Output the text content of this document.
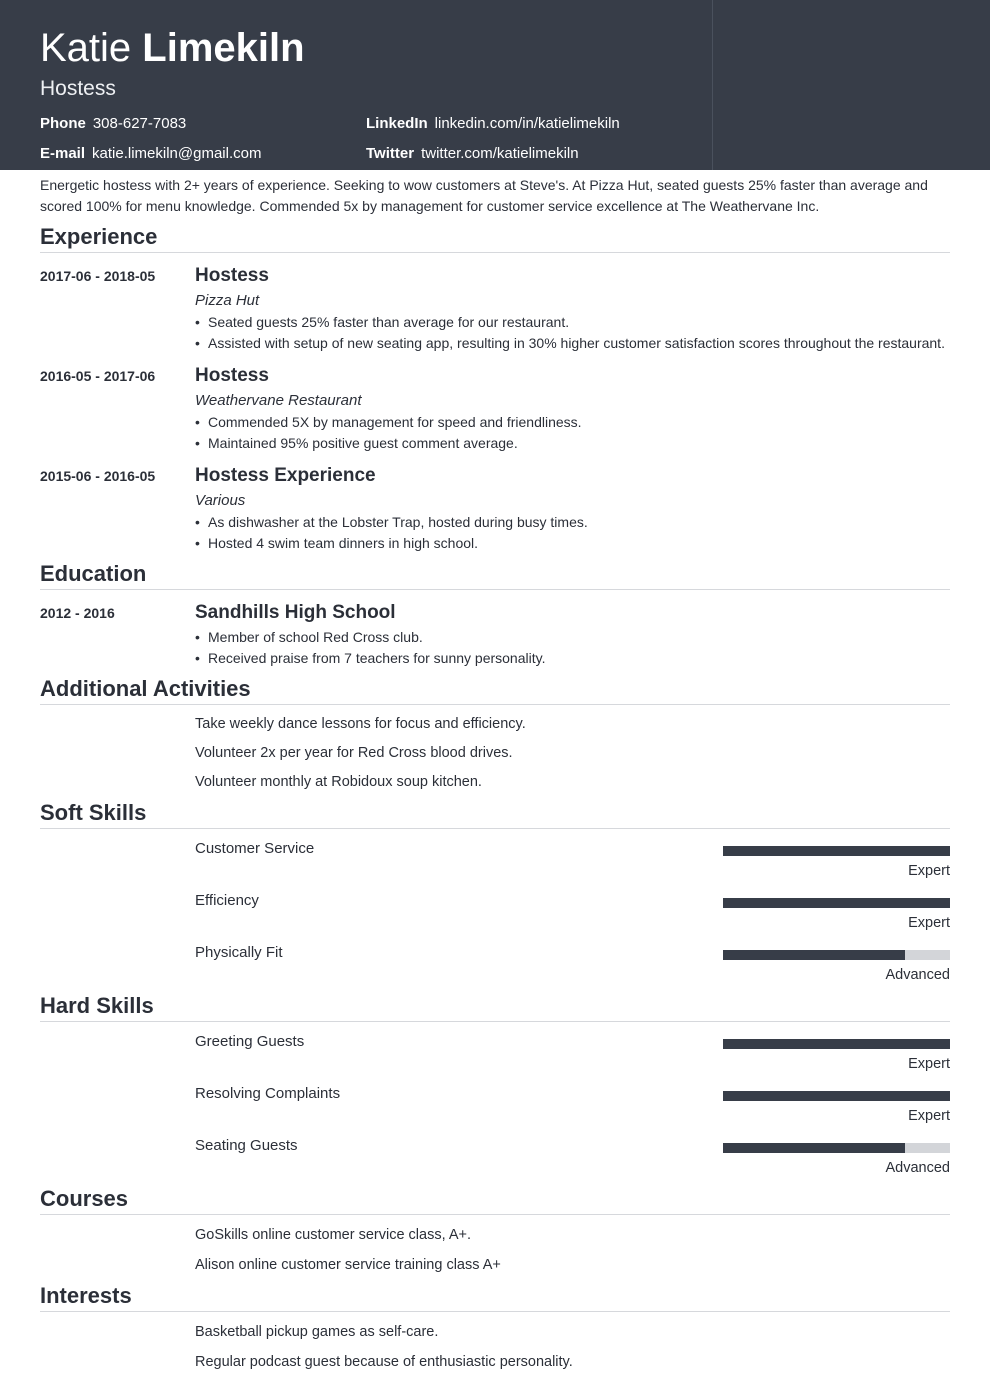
Katie Limekiln
Hostess
Phone 308-627-7083
E-mail katie.limekiln@gmail.com
LinkedIn linkedin.com/in/katielimekiln
Twitter twitter.com/katielimekiln
Energetic hostess with 2+ years of experience. Seeking to wow customers at Steve's. At Pizza Hut, seated guests 25% faster than average and scored 100% for menu knowledge. Commended 5x by management for customer service excellence at The Weathervane Inc.
Experience
2017-06 - 2018-05 Hostess
Pizza Hut
• Seated guests 25% faster than average for our restaurant.
• Assisted with setup of new seating app, resulting in 30% higher customer satisfaction scores throughout the restaurant.
2016-05 - 2017-06 Hostess
Weathervane Restaurant
• Commended 5X by management for speed and friendliness.
• Maintained 95% positive guest comment average.
2015-06 - 2016-05 Hostess Experience
Various
• As dishwasher at the Lobster Trap, hosted during busy times.
• Hosted 4 swim team dinners in high school.
Education
2012 - 2016	Sandhills High School
• Member of school Red Cross club.
• Received praise from 7 teachers for sunny personality.
Additional Activities
Take weekly dance lessons for focus and efficiency.
Volunteer 2x per year for Red Cross blood drives.
Volunteer monthly at Robidoux soup kitchen.
Soft Skills
Customer Service
Expert
Efficiency
Expert
Physically Fit
Advanced
Hard Skills
Greeting Guests
Expert
Resolving Complaints
Expert
Seating Guests
Advanced
Courses
GoSkills online customer service class, A+.
Alison online customer service training class A+
Interests
Basketball pickup games as self-care.
Regular podcast guest because of enthusiastic personality.
